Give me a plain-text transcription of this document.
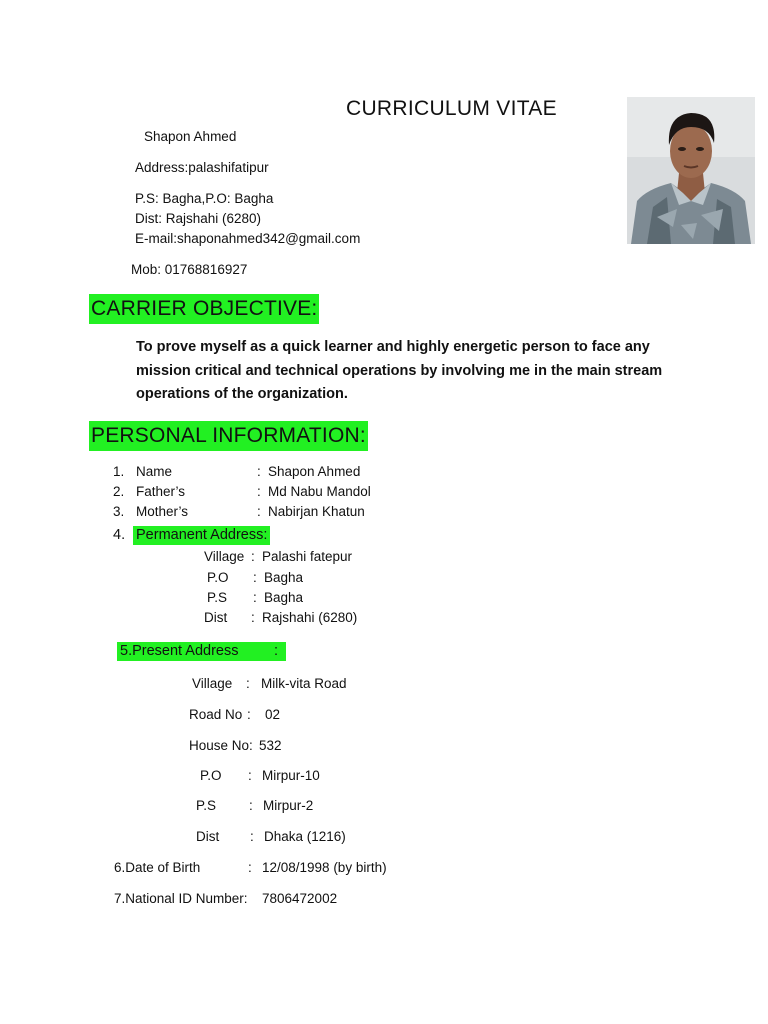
CURRICULUM VITAE
Shapon Ahmed
Address:palashifatipur
P.S: Bagha,P.O: Bagha
Dist: Rajshahi (6280)
E-mail:shaponahmed342@gmail.com
Mob: 01768816927
CARRIER OBJECTIVE:
To prove myself as a quick learner and highly energetic person to face any mission critical and technical operations by involving me in the main stream operations of the organization.
PERSONAL INFORMATION:
1. Name	: Shapon Ahmed
2. Father’s	: Md Nabu Mandol
3. Mother’s	: Nabirjan Khatun
4. Permanent Address:
Village : Palashi fatepur
P.O : Bagha
P.S : Bagha
Dist : Rajshahi (6280)
5.Present Address :
Village : Milk-vita Road
Road No : 02
House No: 532
P.O : Mirpur-10
P.S : Mirpur-2
Dist : Dhaka (1216)
6.Date of Birth	: 12/08/1998 (by birth)
7.National ID Number: 7806472002
